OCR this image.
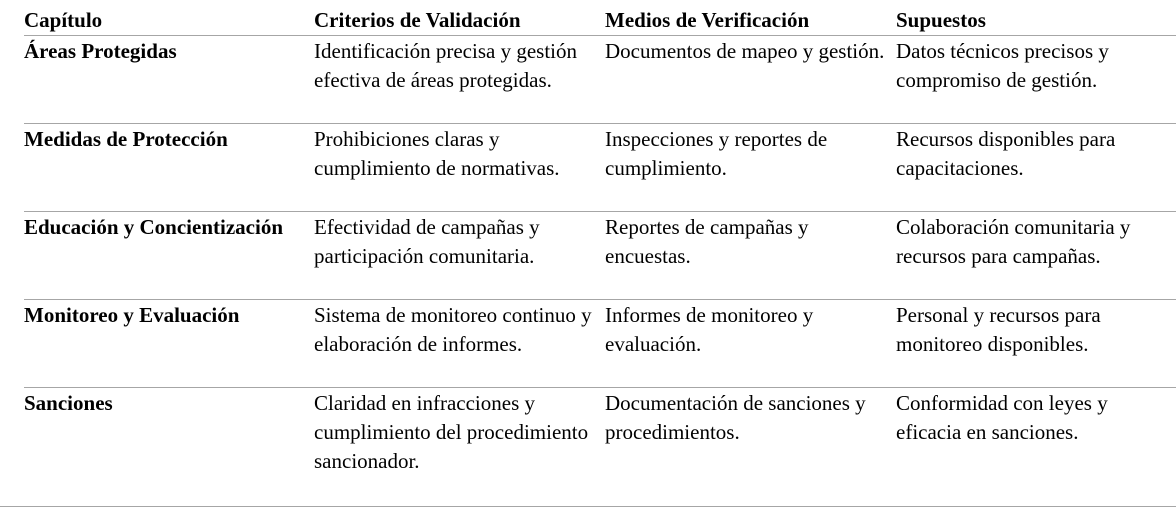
Capítulo	Criterios de Validación	Medios de Verificación	Supuestos
Áreas Protegidas	Identificación precisa y gestión efectiva de áreas protegidas.	Documentos de mapeo y gestión.	Datos técnicos precisos y compromiso de gestión.
Medidas de Protección	Prohibiciones claras y cumplimiento de normativas.	Inspecciones y reportes de cumplimiento.	Recursos disponibles para capacitaciones.
Educación y Concientización	Efectividad de campañas y participación comunitaria.	Reportes de campañas y encuestas.	Colaboración comunitaria y recursos para campañas.
Monitoreo y Evaluación	Sistema de monitoreo continuo y elaboración de informes.	Informes de monitoreo y evaluación.	Personal y recursos para monitoreo disponibles.
Sanciones	Claridad en infracciones y cumplimiento del procedimiento sancionador.	Documentación de sanciones y procedimientos.	Conformidad con leyes y eficacia en sanciones.
